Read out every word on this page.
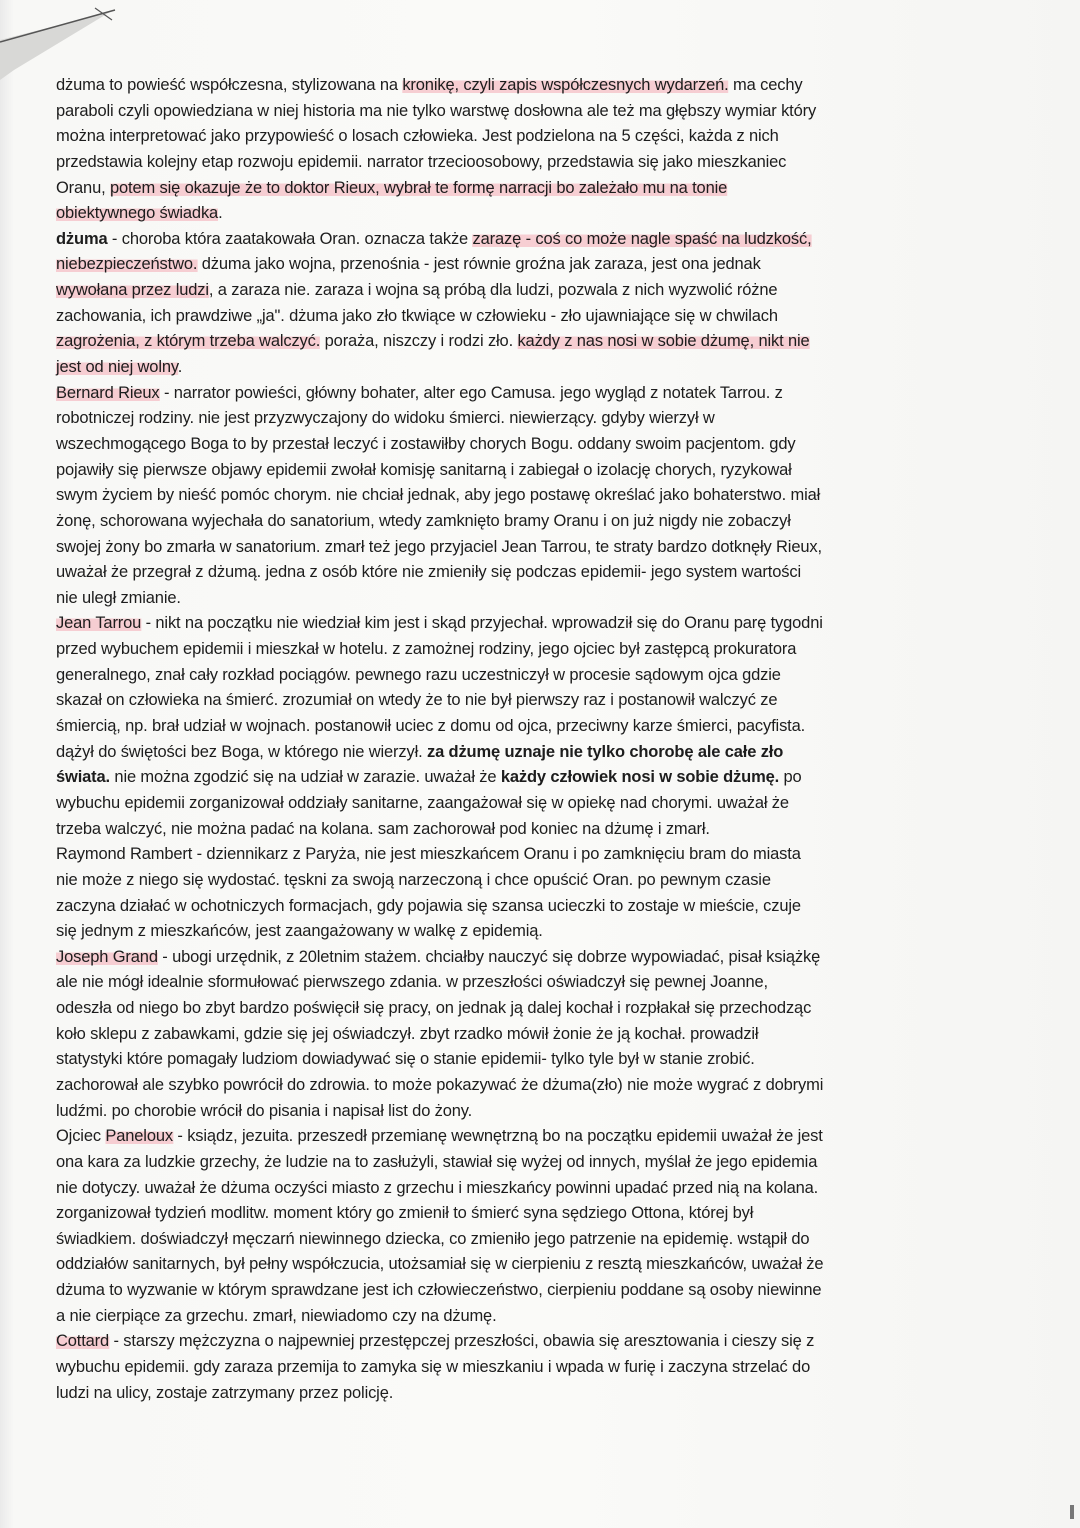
dżuma to powieść współczesna, stylizowana na kronikę, czyli zapis współczesnych wydarzeń. ma cechy
paraboli czyli opowiedziana w niej historia ma nie tylko warstwę dosłowna ale też ma głębszy wymiar który
można interpretować jako przypowieść o losach człowieka. Jest podzielona na 5 części, każda z nich
przedstawia kolejny etap rozwoju epidemii. narrator trzecioosobowy, przedstawia się jako mieszkaniec
Oranu, potem się okazuje że to doktor Rieux, wybrał te formę narracji bo zależało mu na tonie
obiektywnego świadka.
dżuma - choroba która zaatakowała Oran. oznacza także zarazę - coś co może nagle spaść na ludzkość,
niebezpieczeństwo. dżuma jako wojna, przenośnia - jest równie groźna jak zaraza, jest ona jednak
wywołana przez ludzi, a zaraza nie. zaraza i wojna są próbą dla ludzi, pozwala z nich wyzwolić różne
zachowania, ich prawdziwe „ja". dżuma jako zło tkwiące w człowieku - zło ujawniające się w chwilach
zagrożenia, z którym trzeba walczyć. poraża, niszczy i rodzi zło. każdy z nas nosi w sobie dżumę, nikt nie
jest od niej wolny.
Bernard Rieux - narrator powieści, główny bohater, alter ego Camusa. jego wygląd z notatek Tarrou. z
robotniczej rodziny. nie jest przyzwyczajony do widoku śmierci. niewierzący. gdyby wierzył w
wszechmogącego Boga to by przestał leczyć i zostawiłby chorych Bogu. oddany swoim pacjentom. gdy
pojawiły się pierwsze objawy epidemii zwołał komisję sanitarną i zabiegał o izolację chorych, ryzykował
swym życiem by nieść pomóc chorym. nie chciał jednak, aby jego postawę określać jako bohaterstwo. miał
żonę, schorowana wyjechała do sanatorium, wtedy zamknięto bramy Oranu i on już nigdy nie zobaczył
swojej żony bo zmarła w sanatorium. zmarł też jego przyjaciel Jean Tarrou, te straty bardzo dotknęły Rieux,
uważał że przegrał z dżumą. jedna z osób które nie zmieniły się podczas epidemii- jego system wartości
nie uległ zmianie.
Jean Tarrou - nikt na początku nie wiedział kim jest i skąd przyjechał. wprowadził się do Oranu parę tygodni
przed wybuchem epidemii i mieszkał w hotelu. z zamożnej rodziny, jego ojciec był zastępcą prokuratora
generalnego, znał cały rozkład pociągów. pewnego razu uczestniczył w procesie sądowym ojca gdzie
skazał on człowieka na śmierć. zrozumiał on wtedy że to nie był pierwszy raz i postanowił walczyć ze
śmiercią, np. brał udział w wojnach. postanowił uciec z domu od ojca, przeciwny karze śmierci, pacyfista.
dążył do świętości bez Boga, w którego nie wierzył. za dżumę uznaje nie tylko chorobę ale całe zło
świata. nie można zgodzić się na udział w zarazie. uważał że każdy człowiek nosi w sobie dżumę. po
wybuchu epidemii zorganizował oddziały sanitarne, zaangażował się w opiekę nad chorymi. uważał że
trzeba walczyć, nie można padać na kolana. sam zachorował pod koniec na dżumę i zmarł.
Raymond Rambert - dziennikarz z Paryża, nie jest mieszkańcem Oranu i po zamknięciu bram do miasta
nie może z niego się wydostać. tęskni za swoją narzeczoną i chce opuścić Oran. po pewnym czasie
zaczyna działać w ochotniczych formacjach, gdy pojawia się szansa ucieczki to zostaje w mieście, czuje
się jednym z mieszkańców, jest zaangażowany w walkę z epidemią.
Joseph Grand - ubogi urzędnik, z 20letnim stażem. chciałby nauczyć się dobrze wypowiadać, pisał książkę
ale nie mógł idealnie sformułować pierwszego zdania. w przeszłości oświadczył się pewnej Joanne,
odeszła od niego bo zbyt bardzo poświęcił się pracy, on jednak ją dalej kochał i rozpłakał się przechodząc
koło sklepu z zabawkami, gdzie się jej oświadczył. zbyt rzadko mówił żonie że ją kochał. prowadził
statystyki które pomagały ludziom dowiadywać się o stanie epidemii- tylko tyle był w stanie zrobić.
zachorował ale szybko powrócił do zdrowia. to może pokazywać że dżuma(zło) nie może wygrać z dobrymi
ludźmi. po chorobie wrócił do pisania i napisał list do żony.
Ojciec Paneloux - ksiądz, jezuita. przeszedł przemianę wewnętrzną bo na początku epidemii uważał że jest
ona kara za ludzkie grzechy, że ludzie na to zasłużyli, stawiał się wyżej od innych, myślał że jego epidemia
nie dotyczy. uważał że dżuma oczyści miasto z grzechu i mieszkańcy powinni upadać przed nią na kolana.
zorganizował tydzień modlitw. moment który go zmienił to śmierć syna sędziego Ottona, której był
świadkiem. doświadczył męczarń niewinnego dziecka, co zmieniło jego patrzenie na epidemię. wstąpił do
oddziałów sanitarnych, był pełny współczucia, utożsamiał się w cierpieniu z resztą mieszkańców, uważał że
dżuma to wyzwanie w którym sprawdzane jest ich człowieczeństwo, cierpieniu poddane są osoby niewinne
a nie cierpiące za grzechu. zmarł, niewiadomo czy na dżumę.
Cottard - starszy mężczyzna o najpewniej przestępczej przeszłości, obawia się aresztowania i cieszy się z
wybuchu epidemii. gdy zaraza przemija to zamyka się w mieszkaniu i wpada w furię i zaczyna strzelać do
ludzi na ulicy, zostaje zatrzymany przez policję.
